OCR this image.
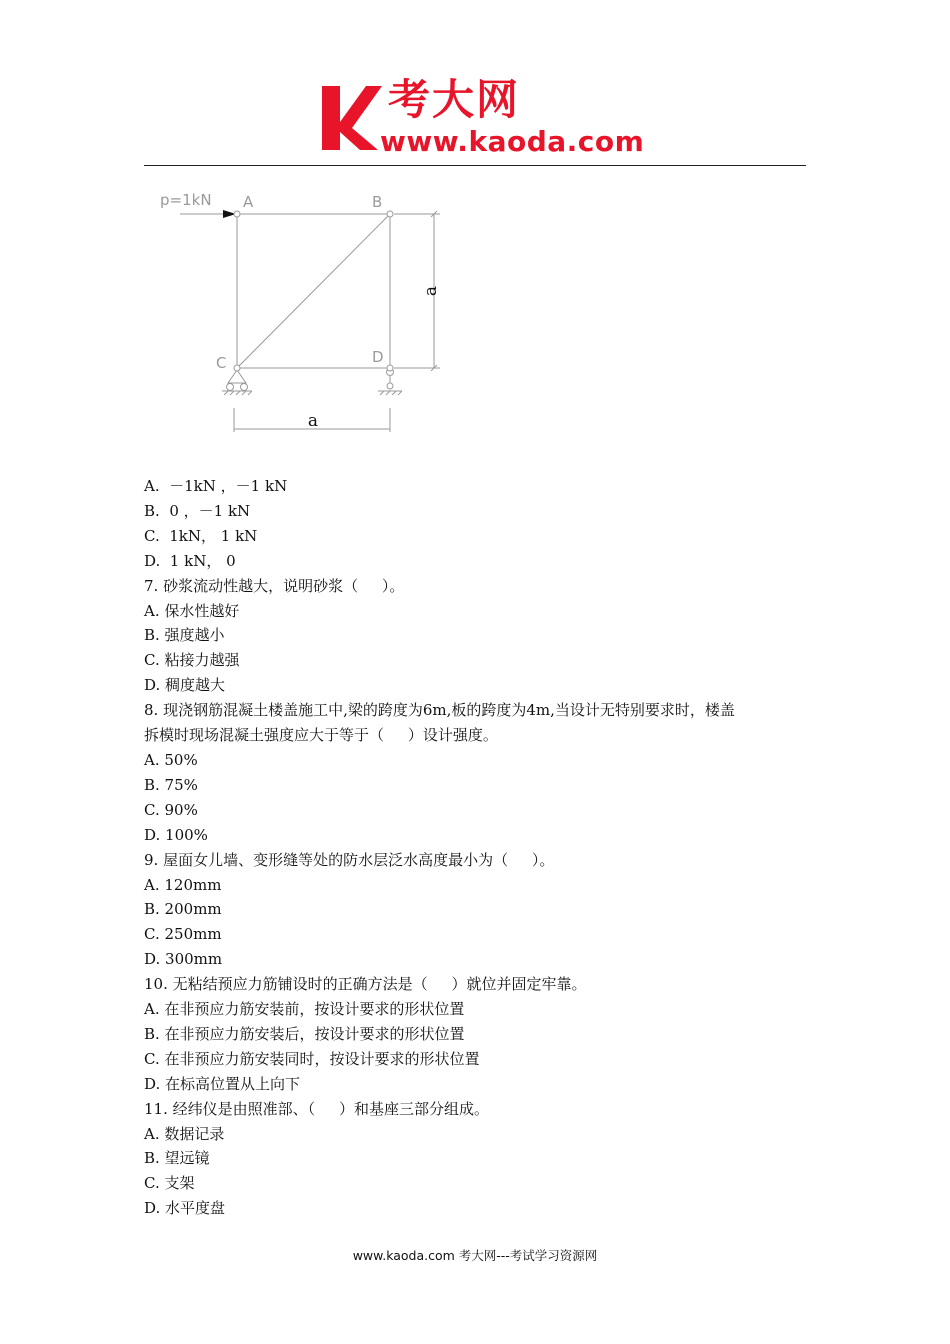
考大网
www.kaoda.com
p=1kN A	B
C	D
a
a
A.  －1kN ，－1 kN
B.  0 ，－1 kN
C.  1kN， 1 kN
D.  1 kN， 0
7. 砂浆流动性越大，说明砂浆（     ）。
A. 保水性越好
B. 强度越小
C. 粘接力越强
D. 稠度越大
8. 现浇钢筋混凝土楼盖施工中,梁的跨度为6m,板的跨度为4m,当设计无特别要求时，楼盖
拆模时现场混凝土强度应大于等于（     ）设计强度。
A. 50%
B. 75%
C. 90%
D. 100%
9. 屋面女儿墙、变形缝等处的防水层泛水高度最小为（     ）。
A. 120mm
B. 200mm
C. 250mm
D. 300mm
10. 无粘结预应力筋铺设时的正确方法是（     ）就位并固定牢靠。
A. 在非预应力筋安装前，按设计要求的形状位置
B. 在非预应力筋安装后，按设计要求的形状位置
C. 在非预应力筋安装同时，按设计要求的形状位置
D. 在标高位置从上向下
11. 经纬仪是由照准部、（     ）和基座三部分组成。
A. 数据记录
B. 望远镜
C. 支架
D. 水平度盘
www.kaoda.com 考大网---考试学习资源网
